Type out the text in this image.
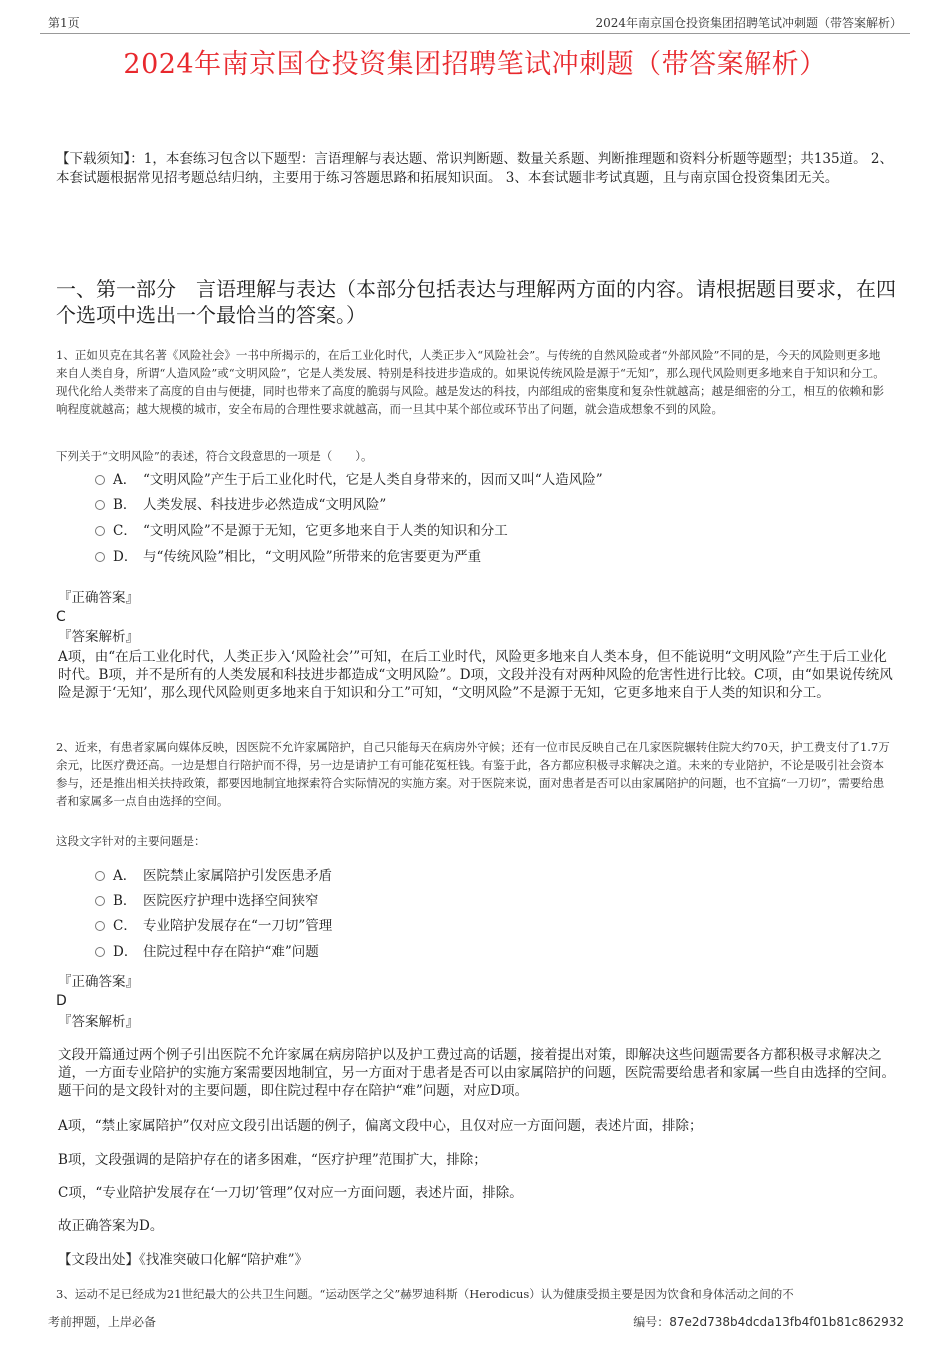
第1页	2024年南京国仓投资集团招聘笔试冲刺题（带答案解析）
2024年南京国仓投资集团招聘笔试冲刺题（带答案解析）
【下载须知】：1，本套练习包含以下题型：言语理解与表达题、常识判断题、数量关系题、判断推理题和资料分析题等题型；共135道。 2、本套试题根据常见招考题总结归纳，主要用于练习答题思路和拓展知识面。 3、本套试题非考试真题，且与南京国仓投资集团无关。
一、第一部分　言语理解与表达（本部分包括表达与理解两方面的内容。请根据题目要求，在四个选项中选出一个最恰当的答案。）
1、正如贝克在其名著《风险社会》一书中所揭示的，在后工业化时代，人类正步入“风险社会”。与传统的自然风险或者“外部风险”不同的是，今天的风险则更多地来自人类自身，所谓“人造风险”或“文明风险”，它是人类发展、特别是科技进步造成的。如果说传统风险是源于“无知”，那么现代风险则更多地来自于知识和分工。现代化给人类带来了高度的自由与便捷，同时也带来了高度的脆弱与风险。越是发达的科技，内部组成的密集度和复杂性就越高；越是细密的分工，相互的依赖和影响程度就越高；越大规模的城市，安全布局的合理性要求就越高，而一旦其中某个部位或环节出了问题，就会造成想象不到的风险。
下列关于“文明风险”的表述，符合文段意思的一项是（　　）。
A． “文明风险”产生于后工业化时代，它是人类自身带来的，因而又叫“人造风险”
B． 人类发展、科技进步必然造成“文明风险”
C． “文明风险”不是源于无知，它更多地来自于人类的知识和分工
D． 与“传统风险”相比，“文明风险”所带来的危害要更为严重
『正确答案』
C
『答案解析』
A项，由“在后工业化时代，人类正步入‘风险社会’”可知，在后工业时代，风险更多地来自人类本身，但不能说明“文明风险”产生于后工业化时代。B项，并不是所有的人类发展和科技进步都造成“文明风险”。D项，文段并没有对两种风险的危害性进行比较。C项，由“如果说传统风险是源于‘无知’，那么现代风险则更多地来自于知识和分工”可知，“文明风险”不是源于无知，它更多地来自于人类的知识和分工。
2、近来，有患者家属向媒体反映，因医院不允许家属陪护，自己只能每天在病房外守候；还有一位市民反映自己在几家医院辗转住院大约70天，护工费支付了1.7万余元，比医疗费还高。一边是想自行陪护而不得，另一边是请护工有可能花冤枉钱。有鉴于此，各方都应积极寻求解决之道。未来的专业陪护，不论是吸引社会资本参与，还是推出相关扶持政策，都要因地制宜地探索符合实际情况的实施方案。对于医院来说，面对患者是否可以由家属陪护的问题，也不宜搞“一刀切”，需要给患者和家属多一点自由选择的空间。
这段文字针对的主要问题是：
A． 医院禁止家属陪护引发医患矛盾
B． 医院医疗护理中选择空间狭窄
C． 专业陪护发展存在“一刀切”管理
D． 住院过程中存在陪护“难”问题
『正确答案』
D
『答案解析』
文段开篇通过两个例子引出医院不允许家属在病房陪护以及护工费过高的话题，接着提出对策，即解决这些问题需要各方都积极寻求解决之道，一方面专业陪护的实施方案需要因地制宜，另一方面对于患者是否可以由家属陪护的问题，医院需要给患者和家属一些自由选择的空间。题干问的是文段针对的主要问题，即住院过程中存在陪护“难”问题，对应D项。
A项，“禁止家属陪护”仅对应文段引出话题的例子，偏离文段中心，且仅对应一方面问题，表述片面，排除；
B项，文段强调的是陪护存在的诸多困难，“医疗护理”范围扩大，排除；
C项，“专业陪护发展存在‘一刀切’管理”仅对应一方面问题，表述片面，排除。
故正确答案为D。
【文段出处】《找准突破口化解“陪护难”》
3、运动不足已经成为21世纪最大的公共卫生问题。“运动医学之父”赫罗迪科斯（Herodicus）认为健康受损主要是因为饮食和身体活动之间的不
考前押题，上岸必备	编号：87e2d738b4dcda13fb4f01b81c862932
